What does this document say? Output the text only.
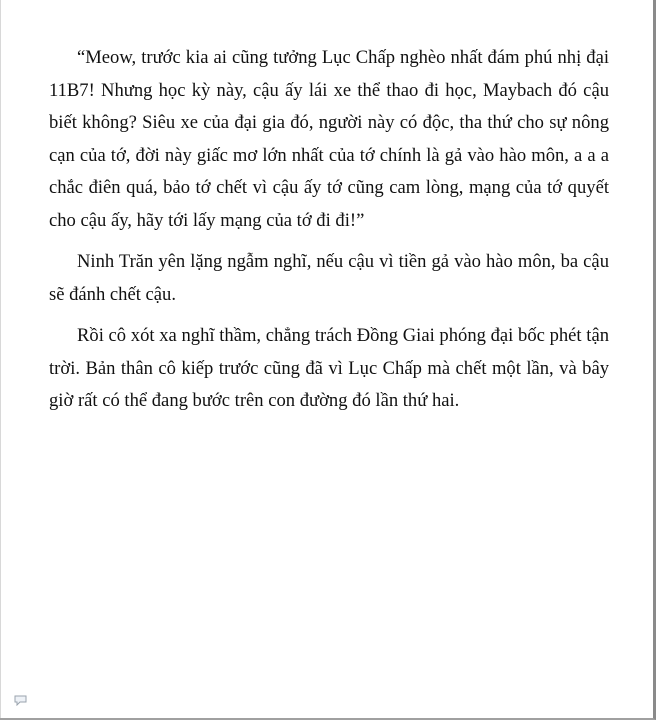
“Meow, trước kia ai cũng tưởng Lục Chấp nghèo nhất đám phú nhị đại 11B7! Nhưng học kỳ này, cậu ấy lái xe thể thao đi học, Maybach đó cậu biết không? Siêu xe của đại gia đó, người này có độc, tha thứ cho sự nông cạn của tớ, đời này giấc mơ lớn nhất của tớ chính là gả vào hào môn, a a a chắc điên quá, bảo tớ chết vì cậu ấy tớ cũng cam lòng, mạng của tớ quyết cho cậu ấy, hãy tới lấy mạng của tớ đi đi!”

Ninh Trăn yên lặng ngẫm nghĩ, nếu cậu vì tiền gả vào hào môn, ba cậu sẽ đánh chết cậu.

Rồi cô xót xa nghĩ thầm, chẳng trách Đồng Giai phóng đại bốc phét tận trời. Bản thân cô kiếp trước cũng đã vì Lục Chấp mà chết một lần, và bây giờ rất có thể đang bước trên con đường đó lần thứ hai.
